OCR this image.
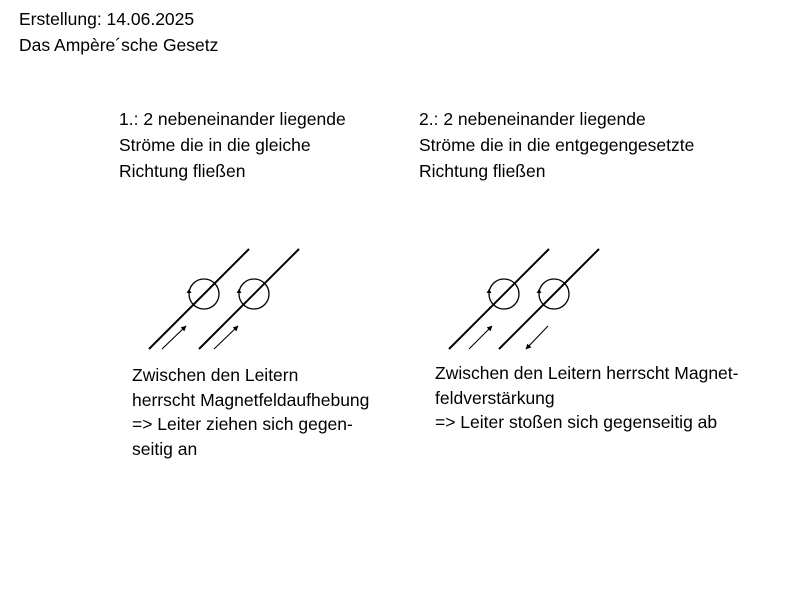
Erstellung: 14.06.2025
Das Ampère´sche Gesetz
1.: 2 nebeneinander liegende
Ströme die in die gleiche
Richtung fließen
2.: 2 nebeneinander liegende
Ströme die in die entgegengesetzte
Richtung fließen
Zwischen den Leitern
herrscht Magnetfeldaufhebung
=> Leiter ziehen sich gegen-
seitig an
Zwischen den Leitern herrscht Magnet-
feldverstärkung
=> Leiter stoßen sich gegenseitig ab
